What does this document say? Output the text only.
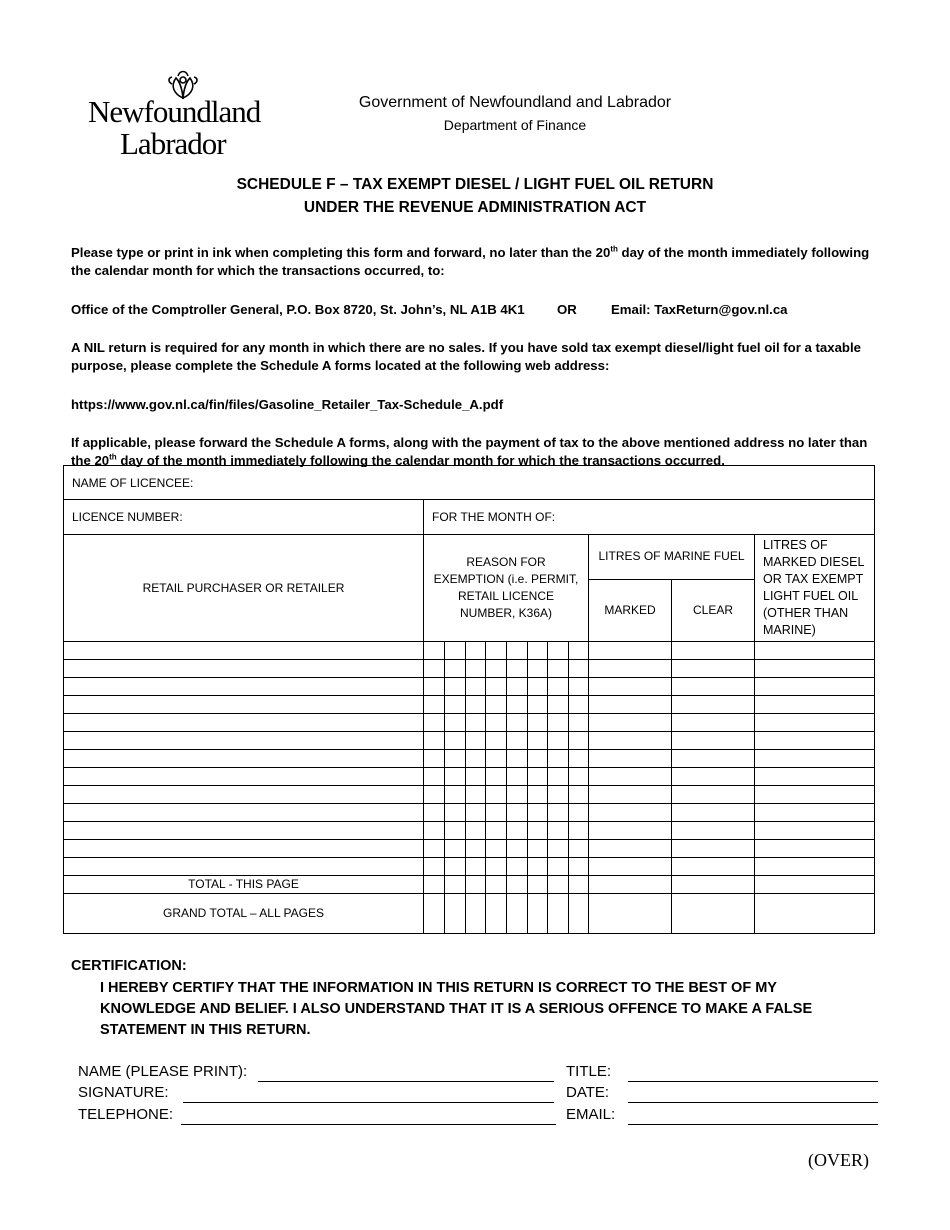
Newfoundland
Labrador
Government of Newfoundland and Labrador
Department of Finance
SCHEDULE F – TAX EXEMPT DIESEL / LIGHT FUEL OIL RETURN
UNDER THE REVENUE ADMINISTRATION ACT
Please type or print in ink when completing this form and forward, no later than the 20th day of the month immediately following the calendar month for which the transactions occurred, to:
Office of the Comptroller General, P.O. Box 8720, St. John’s, NL A1B 4K1	OR	Email: TaxReturn@gov.nl.ca
A NIL return is required for any month in which there are no sales. If you have sold tax exempt diesel/light fuel oil for a taxable purpose, please complete the Schedule A forms located at the following web address:
https://www.gov.nl.ca/fin/files/Gasoline_Retailer_Tax-Schedule_A.pdf
If applicable, please forward the Schedule A forms, along with the payment of tax to the above mentioned address no later than the 20th day of the month immediately following the calendar month for which the transactions occurred.
NAME OF LICENCEE:											
LICENCE NUMBER:	FOR THE MONTH OF:										
RETAIL PURCHASER OR RETAILER	REASON FOR EXEMPTION (i.e. PERMIT, RETAIL LICENCE NUMBER, K36A)								LITRES OF MARINE FUEL		LITRES OF MARKED DIESEL OR TAX EXEMPT LIGHT FUEL OIL (OTHER THAN MARINE)
									MARKED	CLEAR	

TOTAL - THIS PAGE											
GRAND TOTAL – ALL PAGES											
CERTIFICATION:
I HEREBY CERTIFY THAT THE INFORMATION IN THIS RETURN IS CORRECT TO THE BEST OF MY KNOWLEDGE AND BELIEF. I ALSO UNDERSTAND THAT IT IS A SERIOUS OFFENCE TO MAKE A FALSE STATEMENT IN THIS RETURN.
NAME (PLEASE PRINT):
SIGNATURE:
TELEPHONE:
TITLE:
DATE:
EMAIL:
(OVER)
